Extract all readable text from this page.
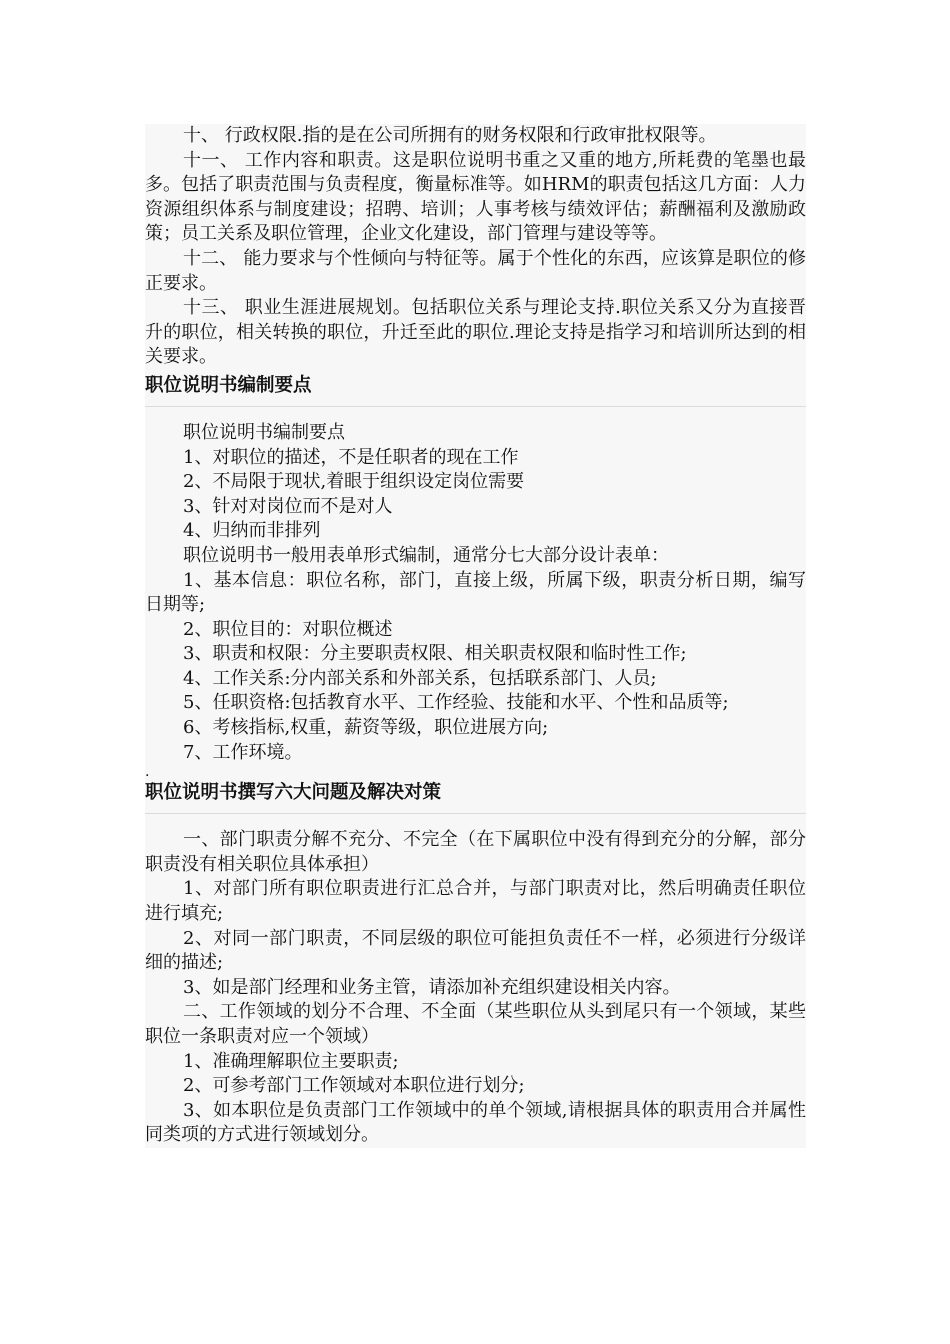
十、 行政权限.指的是在公司所拥有的财务权限和行政审批权限等。

十一、 工作内容和职责。这是职位说明书重之又重的地方,所耗费的笔墨也最多。包括了职责范围与负责程度，衡量标准等。如HRM的职责包括这几方面：人力资源组织体系与制度建设；招聘、培训；人事考核与绩效评估；薪酬福利及激励政策；员工关系及职位管理，企业文化建设，部门管理与建设等等。

十二、 能力要求与个性倾向与特征等。属于个性化的东西，应该算是职位的修正要求。

十三、 职业生涯进展规划。包括职位关系与理论支持.职位关系又分为直接晋升的职位，相关转换的职位，升迁至此的职位.理论支持是指学习和培训所达到的相关要求。

职位说明书编制要点

职位说明书编制要点

1、对职位的描述，不是任职者的现在工作

2、不局限于现状,着眼于组织设定岗位需要

3、针对对岗位而不是对人

4、归纳而非排列

职位说明书一般用表单形式编制，通常分七大部分设计表单：

1、基本信息：职位名称，部门，直接上级，所属下级，职责分析日期，编写日期等;

2、职位目的：对职位概述

3、职责和权限：分主要职责权限、相关职责权限和临时性工作;

4、工作关系:分内部关系和外部关系，包括联系部门、人员;

5、任职资格:包括教育水平、工作经验、技能和水平、个性和品质等;

6、考核指标,权重，薪资等级，职位进展方向;

7、工作环境。

.

职位说明书撰写六大问题及解决对策

一、部门职责分解不充分、不完全（在下属职位中没有得到充分的分解，部分职责没有相关职位具体承担）

1、对部门所有职位职责进行汇总合并，与部门职责对比，然后明确责任职位进行填充;

2、对同一部门职责，不同层级的职位可能担负责任不一样，必须进行分级详细的描述;

3、如是部门经理和业务主管，请添加补充组织建设相关内容。

二、工作领域的划分不合理、不全面（某些职位从头到尾只有一个领域，某些职位一条职责对应一个领域）

1、准确理解职位主要职责;

2、可参考部门工作领域对本职位进行划分;

3、如本职位是负责部门工作领域中的单个领域,请根据具体的职责用合并属性同类项的方式进行领域划分。
